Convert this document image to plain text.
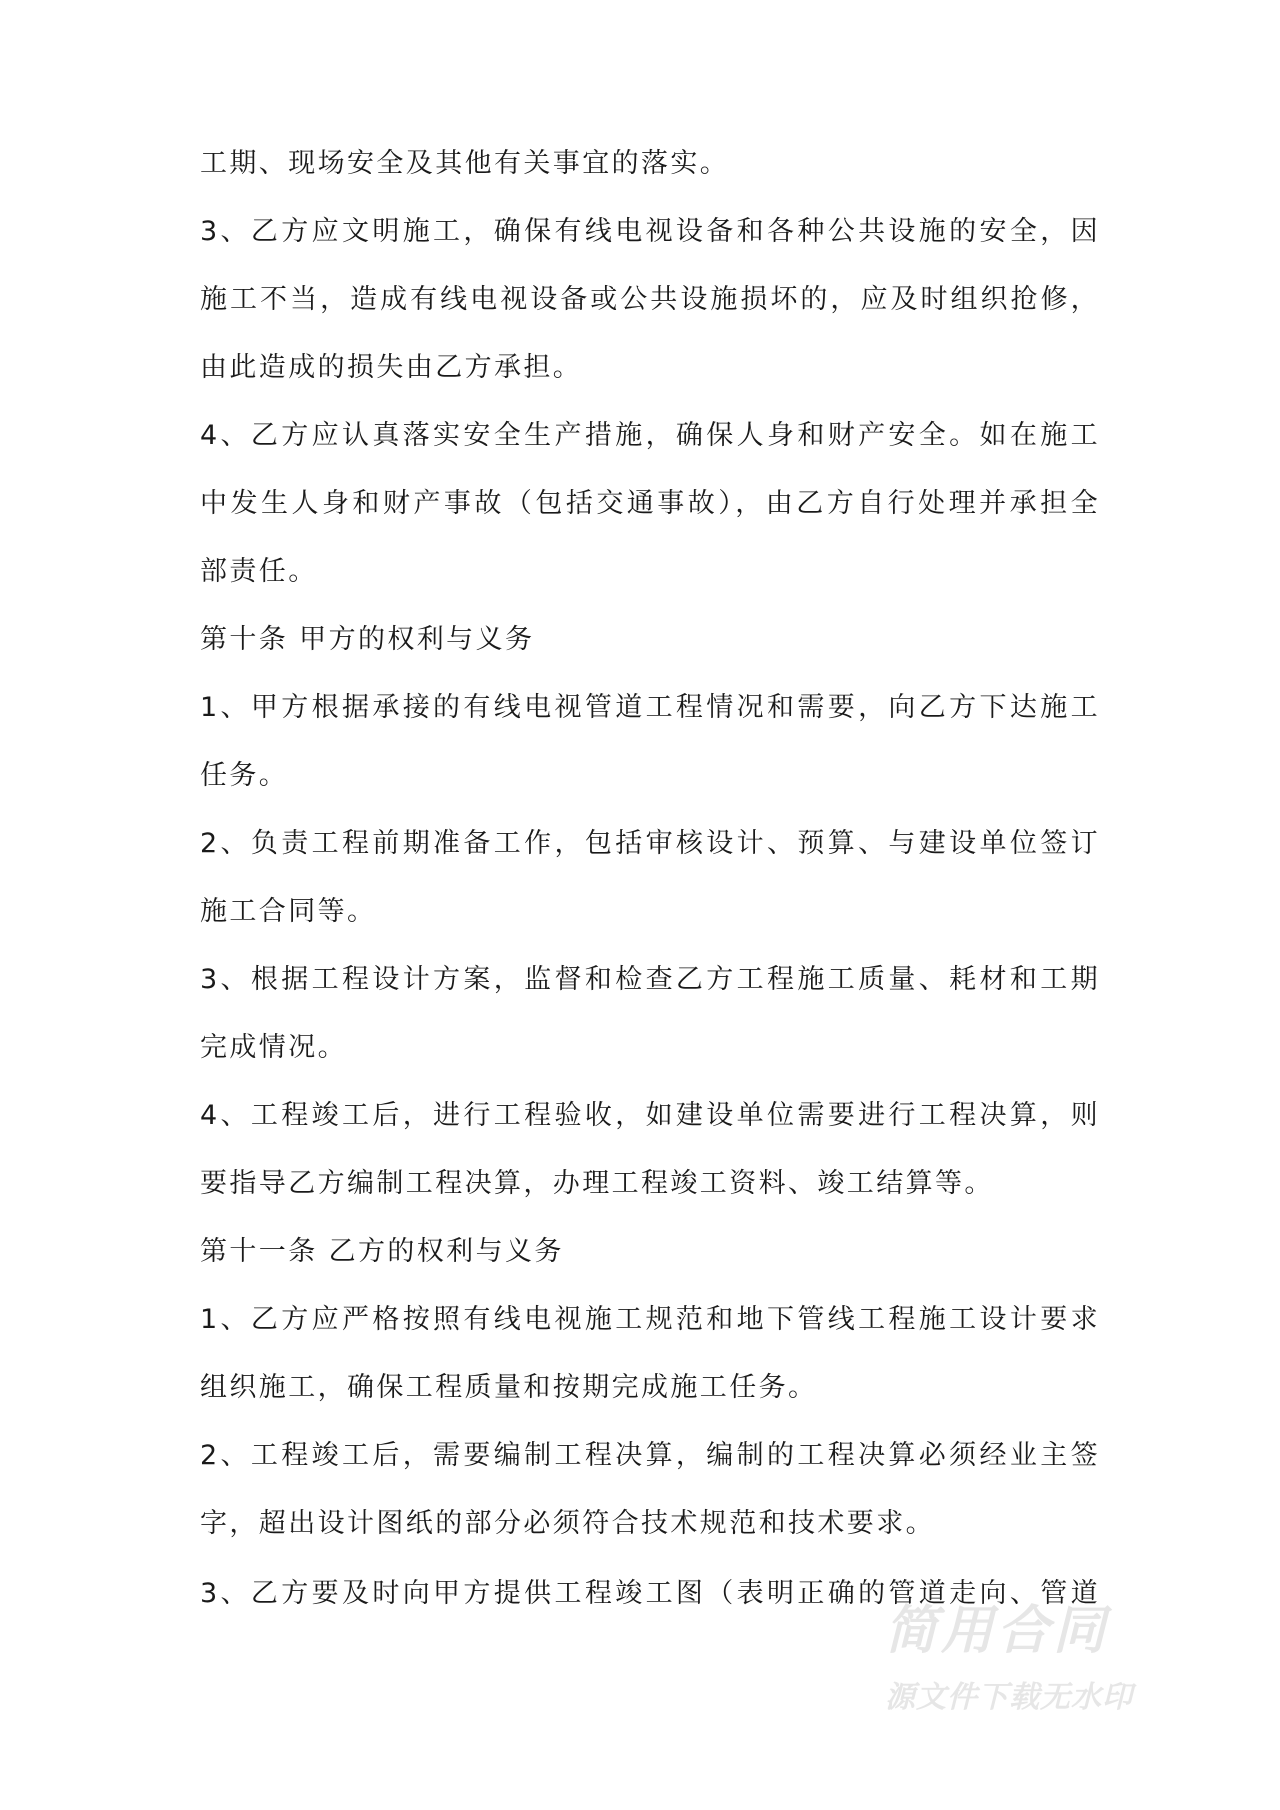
工期、现场安全及其他有关事宜的落实。
3、乙方应文明施工，确保有线电视设备和各种公共设施的安全，因
施工不当，造成有线电视设备或公共设施损坏的，应及时组织抢修，
由此造成的损失由乙方承担。
4、乙方应认真落实安全生产措施，确保人身和财产安全。如在施工
中发生人身和财产事故（包括交通事故），由乙方自行处理并承担全
部责任。
第十条 甲方的权利与义务
1、甲方根据承接的有线电视管道工程情况和需要，向乙方下达施工
任务。
2、负责工程前期准备工作，包括审核设计、预算、与建设单位签订
施工合同等。
3、根据工程设计方案，监督和检查乙方工程施工质量、耗材和工期
完成情况。
4、工程竣工后，进行工程验收，如建设单位需要进行工程决算，则
要指导乙方编制工程决算，办理工程竣工资料、竣工结算等。
第十一条 乙方的权利与义务
1、乙方应严格按照有线电视施工规范和地下管线工程施工设计要求
组织施工，确保工程质量和按期完成施工任务。
2、工程竣工后，需要编制工程决算，编制的工程决算必须经业主签
字，超出设计图纸的部分必须符合技术规范和技术要求。
3、乙方要及时向甲方提供工程竣工图（表明正确的管道走向、管道
简用合同
源文件下载无水印
